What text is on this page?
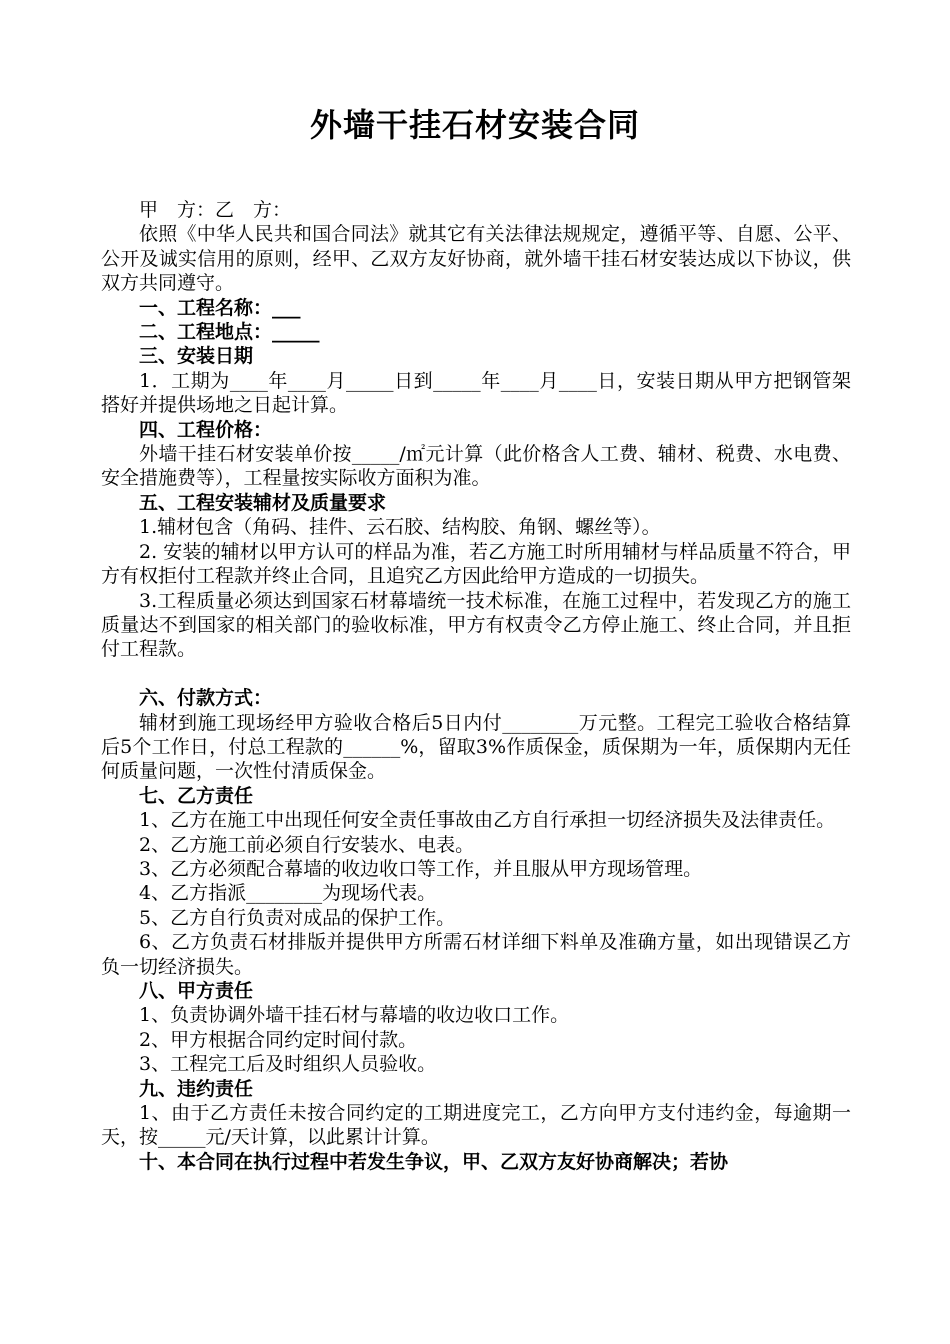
外墙干挂石材安装合同
甲　方：乙　方：
依照《中华人民共和国合同法》就其它有关法律法规规定，遵循平等、自愿、公平、公开及诚实信用的原则，经甲、乙双方友好协商，就外墙干挂石材安装达成以下协议，供双方共同遵守。
一、工程名称：___
二、工程地点：_____
三、安装日期
1．工期为____年____月_____日到_____年____月____日，安装日期从甲方把钢管架搭好并提供场地之日起计算。
四、工程价格：
外墙干挂石材安装单价按_____/㎡元计算（此价格含人工费、辅材、税费、水电费、安全措施费等），工程量按实际收方面积为准。
五、工程安装辅材及质量要求
1.辅材包含（角码、挂件、云石胶、结构胶、角钢、螺丝等）。
2. 安装的辅材以甲方认可的样品为准，若乙方施工时所用辅材与样品质量不符合，甲方有权拒付工程款并终止合同，且追究乙方因此给甲方造成的一切损失。
3.工程质量必须达到国家石材幕墙统一技术标准，在施工过程中，若发现乙方的施工质量达不到国家的相关部门的验收标准，甲方有权责令乙方停止施工、终止合同，并且拒付工程款。
六、付款方式：
辅材到施工现场经甲方验收合格后5日内付________万元整。工程完工验收合格结算后5个工作日，付总工程款的______%，留取3%作质保金，质保期为一年，质保期内无任何质量问题，一次性付清质保金。
七、乙方责任
1、乙方在施工中出现任何安全责任事故由乙方自行承担一切经济损失及法律责任。
2、乙方施工前必须自行安装水、电表。
3、乙方必须配合幕墙的收边收口等工作，并且服从甲方现场管理。
4、乙方指派________为现场代表。
5、乙方自行负责对成品的保护工作。
6、乙方负责石材排版并提供甲方所需石材详细下料单及准确方量，如出现错误乙方负一切经济损失。
八、甲方责任
1、负责协调外墙干挂石材与幕墙的收边收口工作。
2、甲方根据合同约定时间付款。
3、工程完工后及时组织人员验收。
九、违约责任
1、由于乙方责任未按合同约定的工期进度完工，乙方向甲方支付违约金，每逾期一天，按_____元/天计算，以此累计计算。
十、本合同在执行过程中若发生争议，甲、乙双方友好协商解决；若协
